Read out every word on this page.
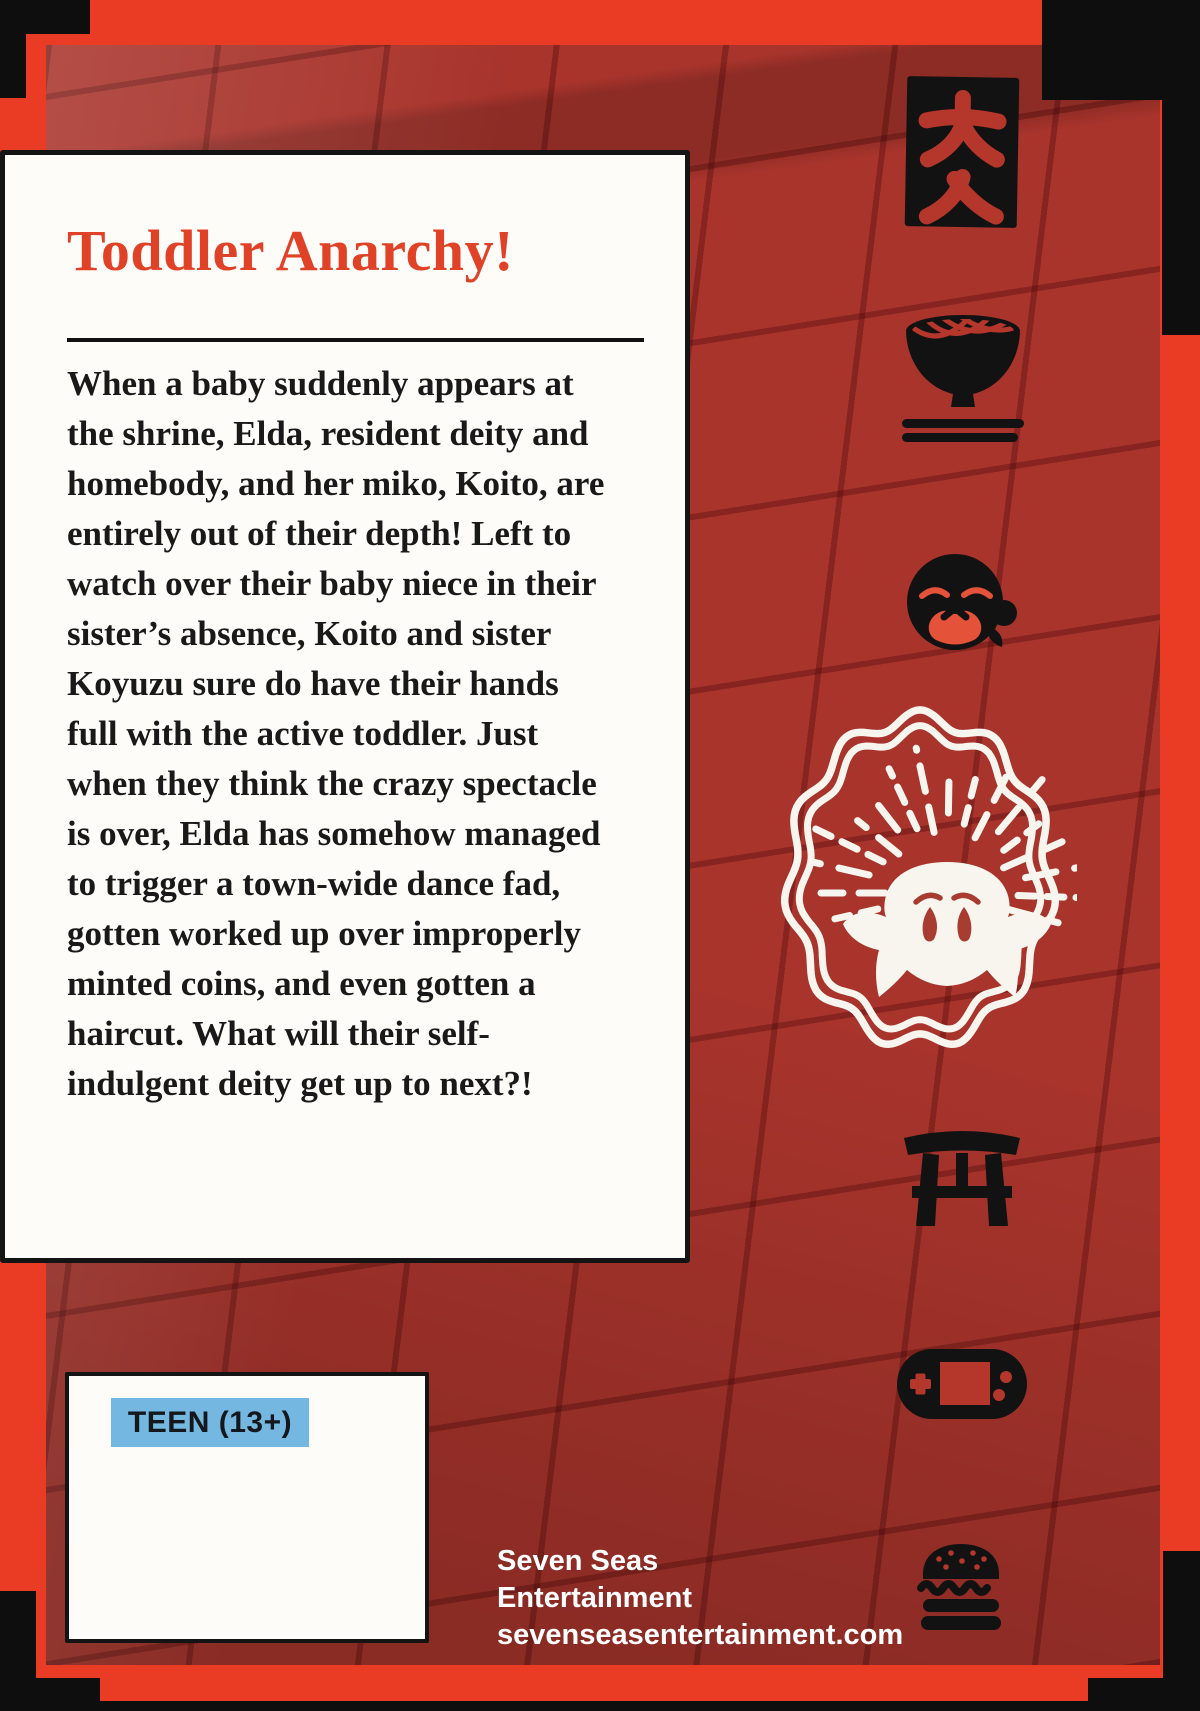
Toddler Anarchy!
When a baby suddenly appears at
the shrine, Elda, resident deity and
homebody, and her miko, Koito, are
entirely out of their depth! Left to
watch over their baby niece in their
sister’s absence, Koito and sister
Koyuzu sure do have their hands
full with the active toddler. Just
when they think the crazy spectacle
is over, Elda has somehow managed
to trigger a town-wide dance fad,
gotten worked up over improperly
minted coins, and even gotten a
haircut. What will their self-
indulgent deity get up to next?!
TEEN (13+)
Seven Seas Entertainment
sevenseasentertainment.com
